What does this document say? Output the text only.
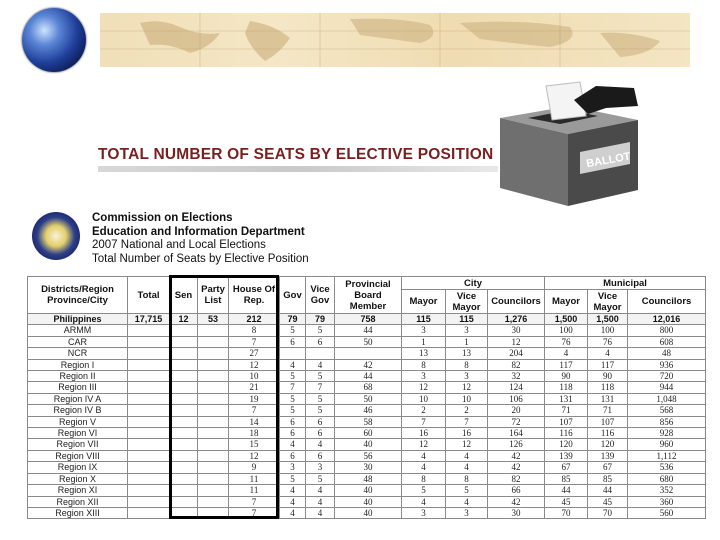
BALLOT
TOTAL NUMBER OF SEATS BY ELECTIVE POSITION
Commission on Elections
Education and Information Department
2007 National and Local Elections
Total Number of Seats by Elective Position
Districts/Region Province/City	Total	Sen	Party List	House Of Rep.	Gov	Vice Gov	Provincial Board Member	City			Municipal		
								Mayor	Vice Mayor	Councilors	Mayor	Vice Mayor	Councilors
Philippines	17,715	12	53	212	79	79	758	115	115	1,276	1,500	1,500	12,016
ARMM				8	5	5	44	3	3	30	100	100	800
CAR				7	6	6	50	1	1	12	76	76	608
NCR				27				13	13	204	4	4	48
Region I				12	4	4	42	8	8	82	117	117	936
Region II				10	5	5	44	3	3	32	90	90	720
Region III				21	7	7	68	12	12	124	118	118	944
Region IV A				19	5	5	50	10	10	106	131	131	1,048
Region IV B				7	5	5	46	2	2	20	71	71	568
Region V				14	6	6	58	7	7	72	107	107	856
Region VI				18	6	6	60	16	16	164	116	116	928
Region VII				15	4	4	40	12	12	126	120	120	960
Region VIII				12	6	6	56	4	4	42	139	139	1,112
Region IX				9	3	3	30	4	4	42	67	67	536
Region X				11	5	5	48	8	8	82	85	85	680
Region XI				11	4	4	40	5	5	66	44	44	352
Region XII				7	4	4	40	4	4	42	45	45	360
Region XIII				7	4	4	40	3	3	30	70	70	560
